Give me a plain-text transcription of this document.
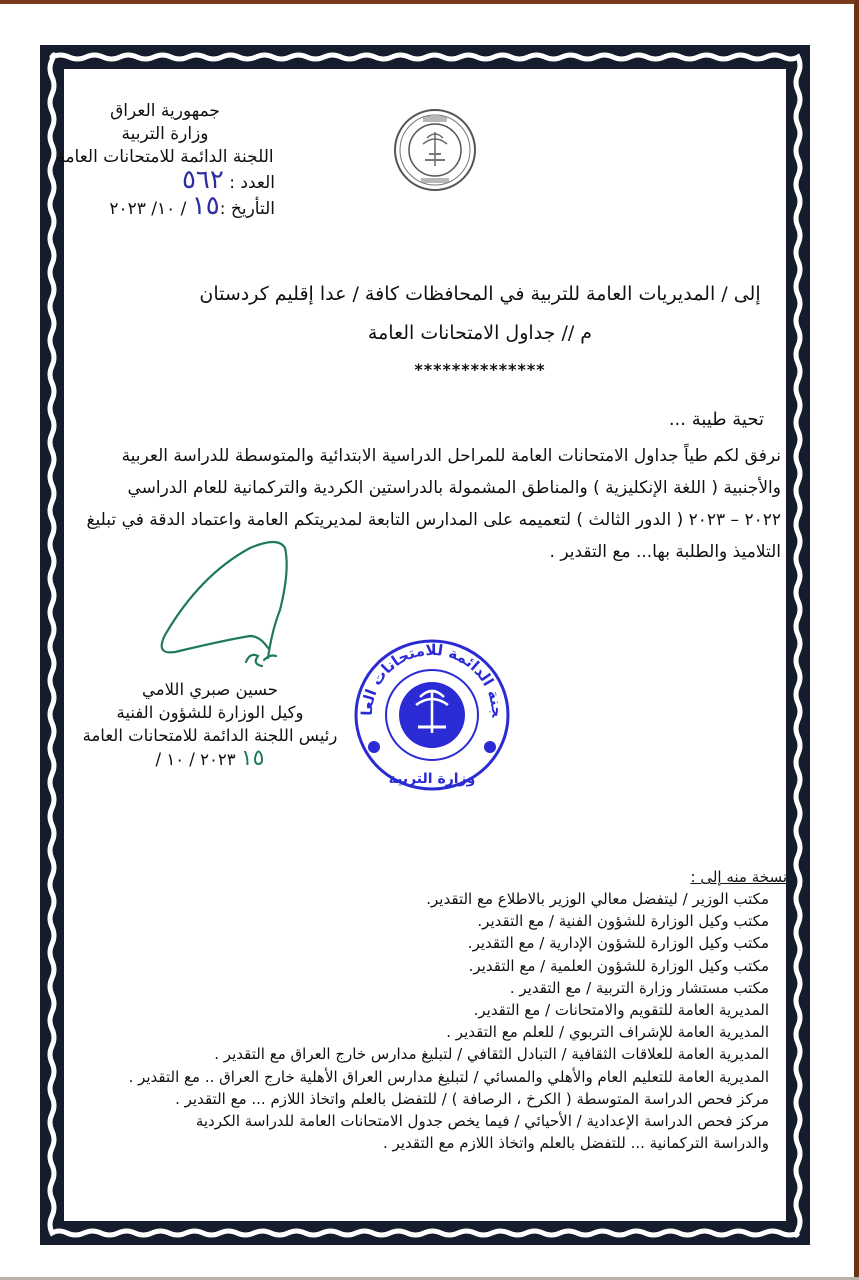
جمهورية العراق
وزارة التربية
اللجنة الدائمة للامتحانات العامة
العدد : ٥٦٢
التأريخ :١٥ / ١٠/ ٢٠٢٣
إلى / المديريات العامة للتربية في المحافظات كافة / عدا إقليم كردستان
م // جداول الامتحانات العامة
**************
تحية طيبة ...

نرفق لكم طياً جداول الامتحانات العامة للمراحل الدراسية الابتدائية والمتوسطة للدراسة العربية

والأجنبية ( اللغة الإنكليزية ) والمناطق المشمولة بالدراستين الكردية والتركمانية للعام الدراسي

٢٠٢٢ – ٢٠٢٣ ( الدور الثالث ) لتعميمه على المدارس التابعة لمديريتكم العامة واعتماد الدقة في تبليغ

التلاميذ والطلبة بها... مع التقدير .

حسين صبري اللامي
وكيل الوزارة للشؤون الفنية
رئيس اللجنة الدائمة للامتحانات العامة
١٥ ٢٠٢٣ / ١٠ /
جنة الدائمة للامتحانات العا
وزارة التربية
نسخة منه إلى :
مكتب الوزير / ليتفضل معالي الوزير بالاطلاع مع التقدير.
مكتب وكيل الوزارة للشؤون الفنية / مع التقدير.
مكتب وكيل الوزارة للشؤون الإدارية / مع التقدير.
مكتب وكيل الوزارة للشؤون العلمية / مع التقدير.
مكتب مستشار وزارة التربية / مع التقدير .
المديرية العامة للتقويم والامتحانات / مع التقدير.
المديرية العامة للإشراف التربوي / للعلم مع التقدير .
المديرية العامة للعلاقات الثقافية / التبادل الثقافي / لتبليغ مدارس خارج العراق مع التقدير .
المديرية العامة للتعليم العام والأهلي والمسائي / لتبليغ مدارس العراق الأهلية خارج العراق .. مع التقدير .
مركز فحص الدراسة المتوسطة ( الكرخ ، الرصافة ) / للتفضل بالعلم واتخاذ اللازم ... مع التقدير .
مركز فحص الدراسة الإعدادية / الأحيائي / فيما يخص جدول الامتحانات العامة للدراسة الكردية والدراسة التركمانية ... للتفضل بالعلم واتخاذ اللازم مع التقدير .
